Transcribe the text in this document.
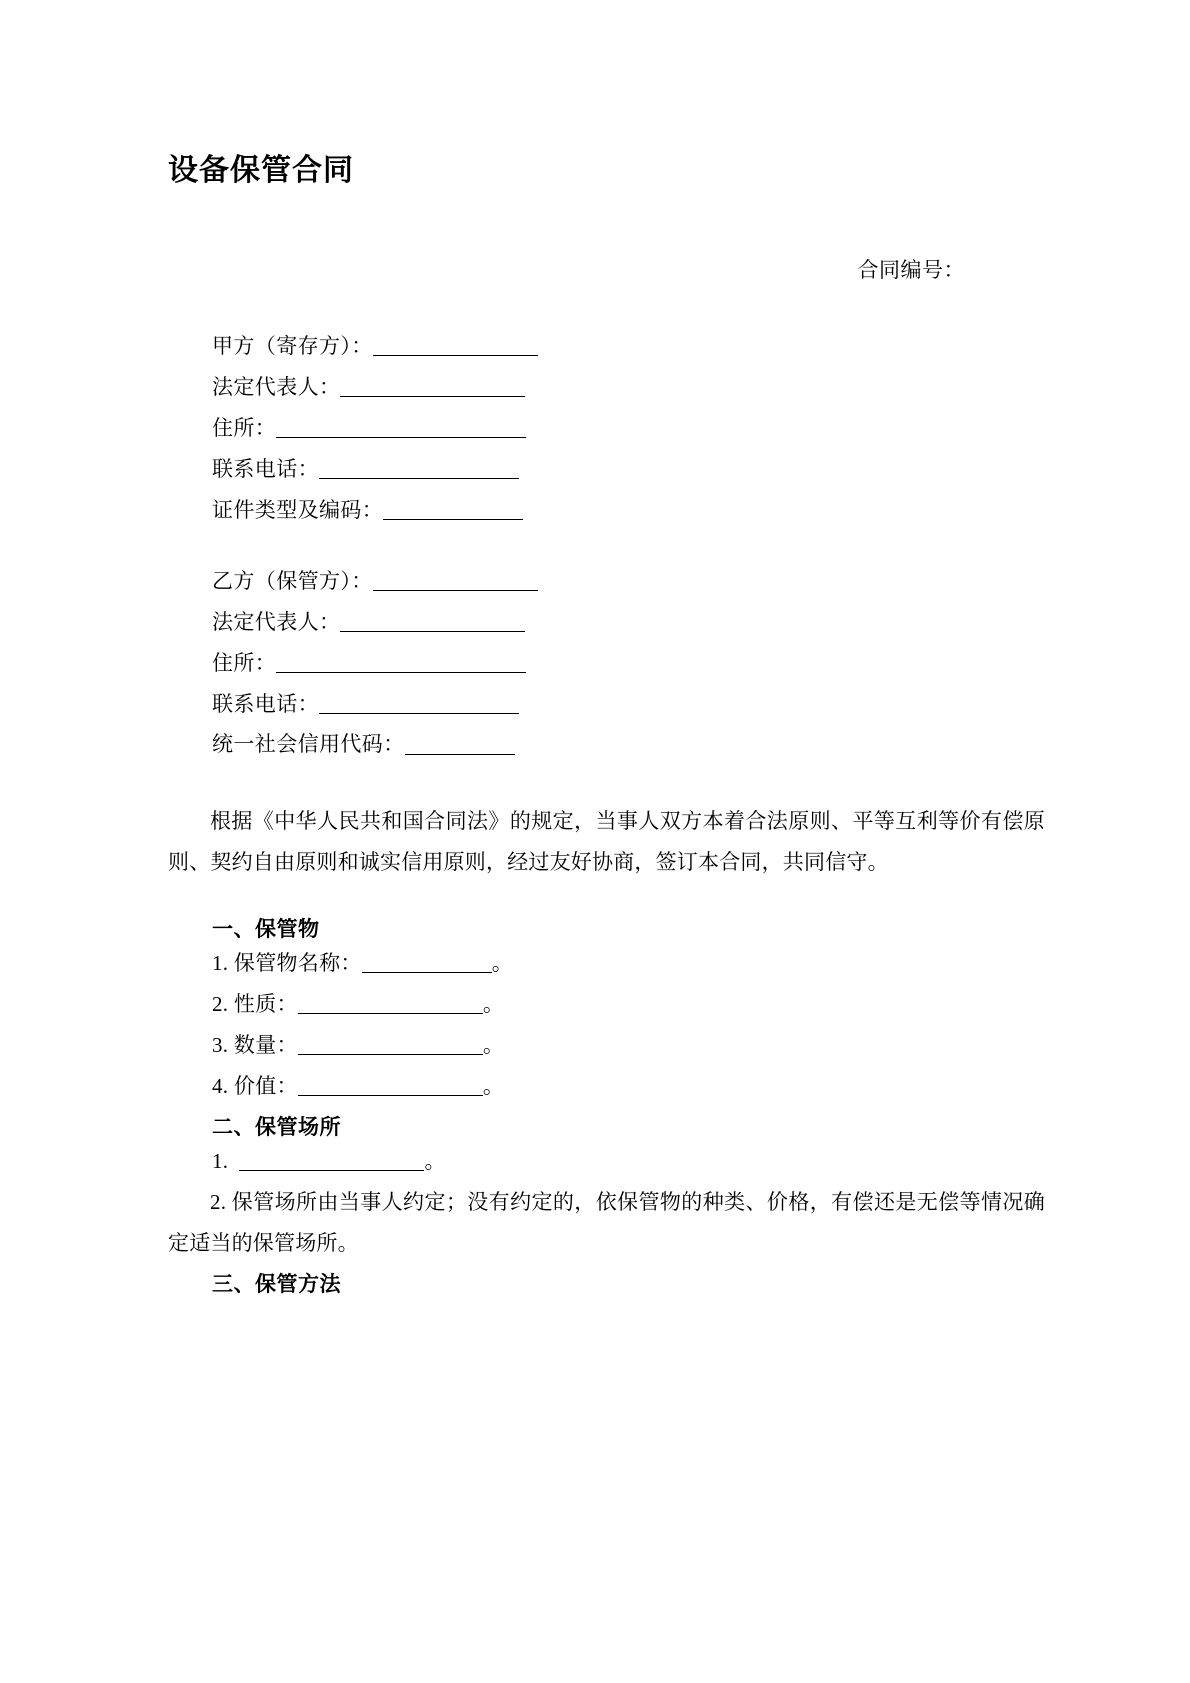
设备保管合同
合同编号：
甲方（寄存方）：
法定代表人：
住所：
联系电话：
证件类型及编码：
乙方（保管方）：
法定代表人：
住所：
联系电话：
统一社会信用代码：

根据《中华人民共和国合同法》的规定，当事人双方本着合法原则、平等互利等价有偿原则、契约自由原则和诚实信用原则，经过友好协商，签订本合同，共同信守。

一、保管物
1. 保管物名称：	。
2. 性质：	。
3. 数量：	。
4. 价值：	。
二、保管场所
1.	。
2. 保管场所由当事人约定；没有约定的，依保管物的种类、价格，有偿还是无偿等情况确定适当的保管场所。
三、保管方法
